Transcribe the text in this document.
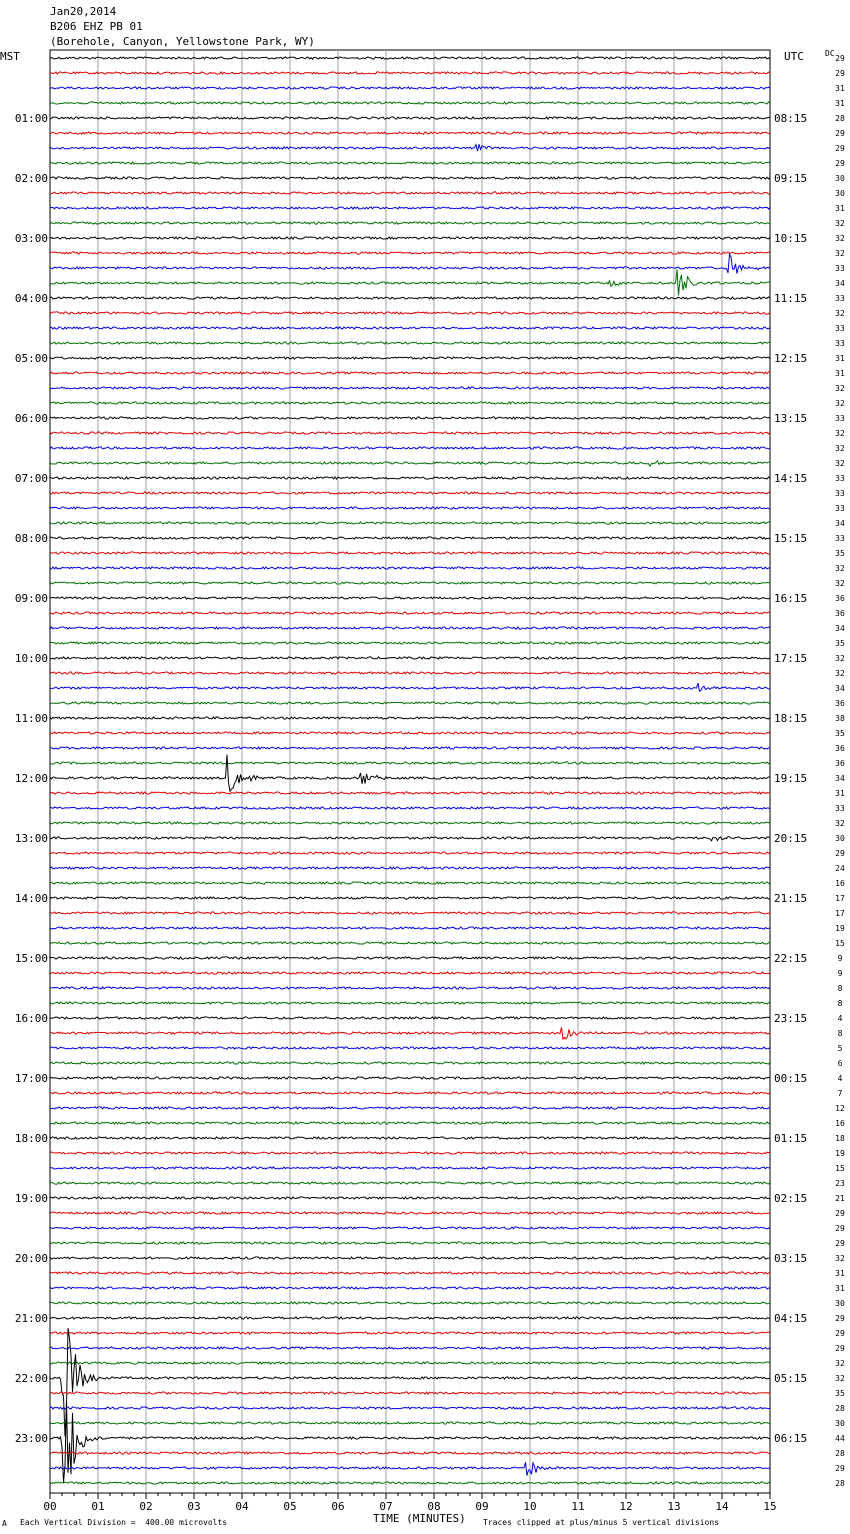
29
29
31
31
28
29
29
29
30
30
31
32
32
32
33
34
33
32
33
33
31
31
32
32
33
32
32
32
33
33
33
34
33
35
32
32
36
36
34
35
32
32
34
36
38
35
36
36
34
31
33
32
30
29
24
16
17
17
19
15
9
9
8
8
4
8
5
6
4
7
12
16
18
19
15
23
21
29
29
29
32
31
31
30
29
29
29
32
32
35
28
30
44
28
29
28
01:00
02:00
03:00
04:00
05:00
06:00
07:00
08:00
09:00
10:00
11:00
12:00
13:00
14:00
15:00
16:00
17:00
18:00
19:00
20:00
21:00
22:00
23:00
08:15
09:15
10:15
11:15
12:15
13:15
14:15
15:15
16:15
17:15
18:15
19:15
20:15
21:15
22:15
23:15
00:15
01:15
02:15
03:15
04:15
05:15
06:15
00	01	02	03	04	05	06	07	08	09	10	11	12	13	14	15
Jan20,2014
B206 EHZ PB 01
(Borehole, Canyon, Yellowstone Park, WY)
MST	UTC	DC
A Each Vertical Division =  400.00 microvolts	TIME (MINUTES) Traces clipped at plus/minus 5 vertical divisions
